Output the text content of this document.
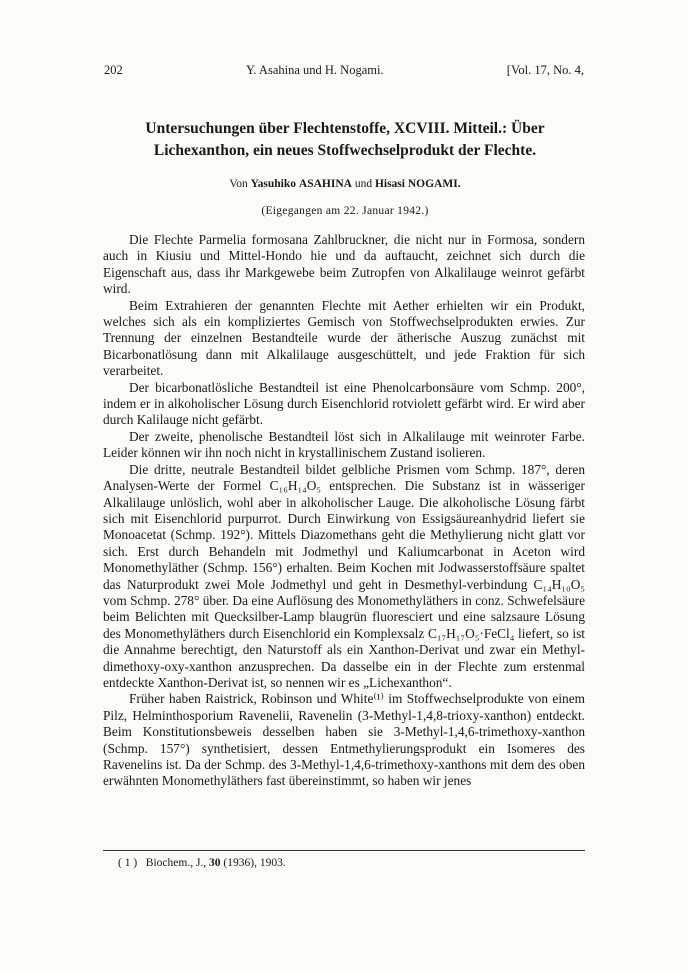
202	Y. Asahina und H. Nogami.	[Vol. 17, No. 4,
Untersuchungen über Flechtenstoffe, XCVIII. Mitteil.: Über Lichexanthon, ein neues Stoffwechselprodukt der Flechte.
Von Yasuhiko ASAHINA und Hisasi NOGAMI.
(Eigegangen am 22. Januar 1942.)

Die Flechte Parmelia formosana Zahlbruckner, die nicht nur in Formosa, sondern auch in Kiusiu und Mittel-Hondo hie und da auftaucht, zeichnet sich durch die Eigenschaft aus, dass ihr Markgewebe beim Zutropfen von Alkalilauge weinrot gefärbt wird.

Beim Extrahieren der genannten Flechte mit Aether erhielten wir ein Produkt, welches sich als ein kompliziertes Gemisch von Stoffwechselprodukten erwies. Zur Trennung der einzelnen Bestandteile wurde der ätherische Auszug zunächst mit Bicarbonatlösung dann mit Alkalilauge ausgeschüttelt, und jede Fraktion für sich verarbeitet.

Der bicarbonatlösliche Bestandteil ist eine Phenolcarbonsäure vom Schmp. 200°, indem er in alkoholischer Lösung durch Eisenchlorid rotviolett gefärbt wird. Er wird aber durch Kalilauge nicht gefärbt.

Der zweite, phenolische Bestandteil löst sich in Alkalilauge mit weinroter Farbe. Leider können wir ihn noch nicht in krystallinischem Zustand isolieren.

Die dritte, neutrale Bestandteil bildet gelbliche Prismen vom Schmp. 187°, deren Analysen-Werte der Formel C₁₆H₁₄O₅ entsprechen. Die Substanz ist in wässeriger Alkalilauge unlöslich, wohl aber in alkoholischer Lauge. Die alkoholische Lösung färbt sich mit Eisenchlorid purpurrot. Durch Einwirkung von Essigsäureanhydrid liefert sie Monoacetat (Schmp. 192°). Mittels Diazomethans geht die Methylierung nicht glatt vor sich. Erst durch Behandeln mit Jodmethyl und Kaliumcarbonat in Aceton wird Monomethyläther (Schmp. 156°) erhalten. Beim Kochen mit Jodwasserstoffsäure spaltet das Naturprodukt zwei Mole Jodmethyl und geht in Desmethyl-verbindung C₁₄H₁₀O₅ vom Schmp. 278° über. Da eine Auflösung des Monomethyläthers in conz. Schwefelsäure beim Belichten mit Quecksilber-Lamp blaugrün fluoresciert und eine salzsaure Lösung des Monomethyläthers durch Eisenchlorid ein Komplexsalz C₁₇H₁₇O₅·FeCl₄ liefert, so ist die Annahme berechtigt, den Naturstoff als ein Xanthon-Derivat und zwar ein Methyl-dimethoxy-oxy-xanthon anzusprechen. Da dasselbe ein in der Flechte zum erstenmal entdeckte Xanthon-Derivat ist, so nennen wir es „Lichexanthon“.

Früher haben Raistrick, Robinson und White⁽¹⁾ im Stoffwechselprodukte von einem Pilz, Helminthosporium Ravenelii, Ravenelin (3-Methyl-1,4,8-trioxy-xanthon) entdeckt. Beim Konstitutionsbeweis desselben haben sie 3-Methyl-1,4,6-trimethoxy-xanthon (Schmp. 157°) synthetisiert, dessen Entmethylierungsprodukt ein Isomeres des Ravenelins ist. Da der Schmp. des 3-Methyl-1,4,6-trimethoxy-xanthons mit dem des oben erwähnten Monomethyläthers fast übereinstimmt, so haben wir jenes

( 1 ) Biochem., J., 30 (1936), 1903.
